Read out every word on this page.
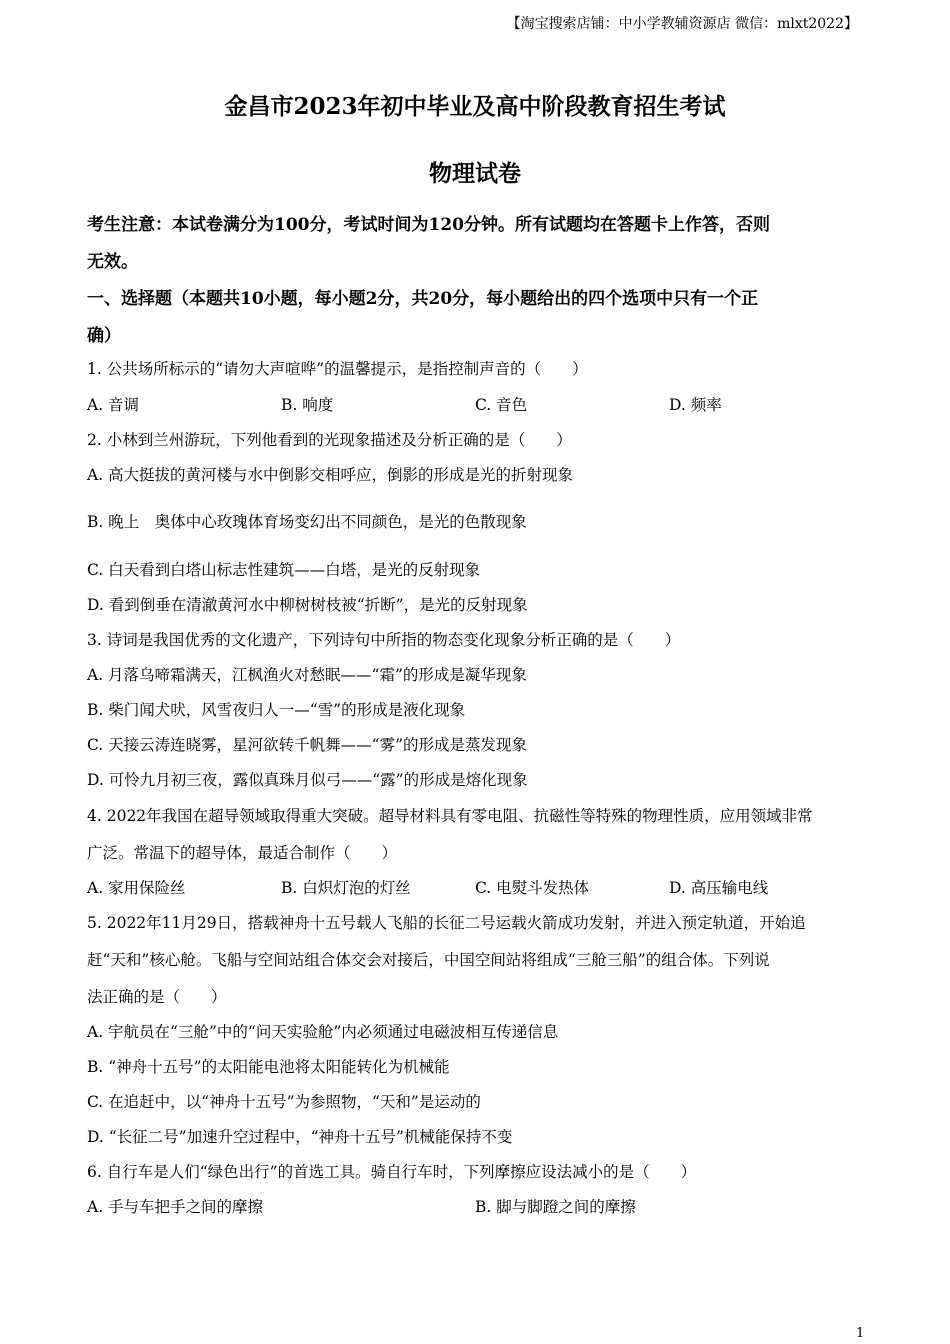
【淘宝搜索店铺：中小学教辅资源店 微信：mlxt2022】
金昌市2023年初中毕业及高中阶段教育招生考试
物理试卷
考生注意：本试卷满分为100分，考试时间为120分钟。所有试题均在答题卡上作答，否则
无效。
一、选择题（本题共10小题，每小题2分，共20分，每小题给出的四个选项中只有一个正
确）
1. 公共场所标示的“请勿大声喧哗”的温馨提示，是指控制声音的（　　）
A. 音调	B. 响度	C. 音色	D. 频率
2. 小林到兰州游玩，下列他看到的光现象描述及分析正确的是（　　）
A. 高大挺拔的黄河楼与水中倒影交相呼应，倒影的形成是光的折射现象
B. 晚上　奥体中心玫瑰体育场变幻出不同颜色，是光的色散现象
C. 白天看到白塔山标志性建筑——白塔，是光的反射现象
D. 看到倒垂在清澈黄河水中柳树树枝被“折断”，是光的反射现象
3. 诗词是我国优秀的文化遗产，下列诗句中所指的物态变化现象分析正确的是（　　）
A. 月落乌啼霜满天，江枫渔火对愁眠——“霜”的形成是凝华现象
B. 柴门闻犬吠，风雪夜归人一—“雪”的形成是液化现象
C. 天接云涛连晓雾，星河欲转千帆舞——“雾”的形成是蒸发现象
D. 可怜九月初三夜，露似真珠月似弓——“露”的形成是熔化现象
4. 2022年我国在超导领域取得重大突破。超导材料具有零电阻、抗磁性等特殊的物理性质，应用领域非常
广泛。常温下的超导体，最适合制作（　　）
A. 家用保险丝	B. 白炽灯泡的灯丝	C. 电熨斗发热体	D. 高压输电线
5. 2022年11月29日，搭载神舟十五号载人飞船的长征二号运载火箭成功发射，并进入预定轨道，开始追
赶“天和”核心舱。飞船与空间站组合体交会对接后，中国空间站将组成“三舱三船”的组合体。下列说
法正确的是（　　）
A. 宇航员在“三舱”中的“问天实验舱”内必须通过电磁波相互传递信息
B. “神舟十五号”的太阳能电池将太阳能转化为机械能
C. 在追赶中，以“神舟十五号”为参照物，“天和”是运动的
D. “长征二号”加速升空过程中，“神舟十五号”机械能保持不变
6. 自行车是人们“绿色出行”的首选工具。骑自行车时，下列摩擦应设法减小的是（　　）
A. 手与车把手之间的摩擦	B. 脚与脚蹬之间的摩擦
1
